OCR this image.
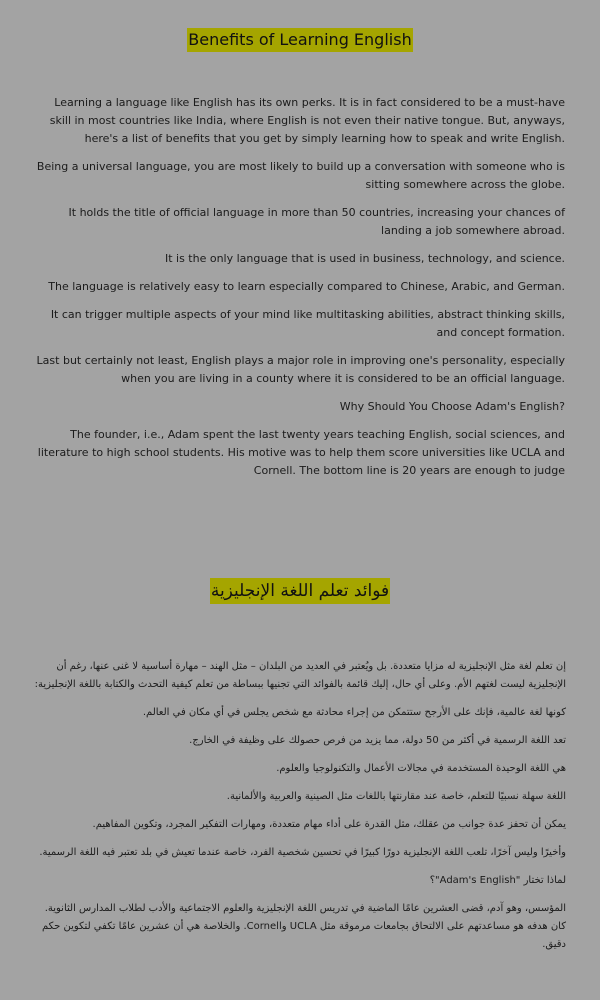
Benefits of Learning English

Learning a language like English has its own perks. It is in fact considered to be a must-have skill in most countries like India, where English is not even their native tongue. But, anyways, here's a list of benefits that you get by simply learning how to speak and write English.

Being a universal language, you are most likely to build up a conversation with someone who is sitting somewhere across the globe.

It holds the title of official language in more than 50 countries, increasing your chances of landing a job somewhere abroad.

It is the only language that is used in business, technology, and science.

The language is relatively easy to learn especially compared to Chinese, Arabic, and German.

It can trigger multiple aspects of your mind like multitasking abilities, abstract thinking skills, and concept formation.

Last but certainly not least, English plays a major role in improving one's personality, especially when you are living in a county where it is considered to be an official language.

Why Should You Choose Adam's English?

The founder, i.e., Adam spent the last twenty years teaching English, social sciences, and literature to high school students. His motive was to help them score universities like UCLA and Cornell. The bottom line is 20 years are enough to judge

فوائد تعلم اللغة الإنجليزية

إن تعلم لغة مثل الإنجليزية له مزايا متعددة. بل ويُعتبر في العديد من البلدان – مثل الهند – مهارة أساسية لا غنى عنها، رغم أن الإنجليزية ليست لغتهم الأم. وعلى أي حال، إليك قائمة بالفوائد التي تجنيها ببساطة من تعلم كيفية التحدث والكتابة باللغة الإنجليزية:

كونها لغة عالمية، فإنك على الأرجح ستتمكن من إجراء محادثة مع شخص يجلس في أي مكان في العالم.

تعد اللغة الرسمية في أكثر من 50 دولة، مما يزيد من فرص حصولك على وظيفة في الخارج.

هي اللغة الوحيدة المستخدمة في مجالات الأعمال والتكنولوجيا والعلوم.

اللغة سهلة نسبيًا للتعلم، خاصة عند مقارنتها باللغات مثل الصينية والعربية والألمانية.

يمكن أن تحفز عدة جوانب من عقلك، مثل القدرة على أداء مهام متعددة، ومهارات التفكير المجرد، وتكوين المفاهيم.

وأخيرًا وليس آخرًا، تلعب اللغة الإنجليزية دورًا كبيرًا في تحسين شخصية الفرد، خاصة عندما تعيش في بلد تعتبر فيه اللغة الرسمية.

لماذا تختار "Adam's English"؟

المؤسس، وهو آدم، قضى العشرين عامًا الماضية في تدريس اللغة الإنجليزية والعلوم الاجتماعية والأدب لطلاب المدارس الثانوية. كان هدفه هو مساعدتهم على الالتحاق بجامعات مرموقة مثل UCLA وCornell. والخلاصة هي أن عشرين عامًا تكفي لتكوين حكم دقيق.
